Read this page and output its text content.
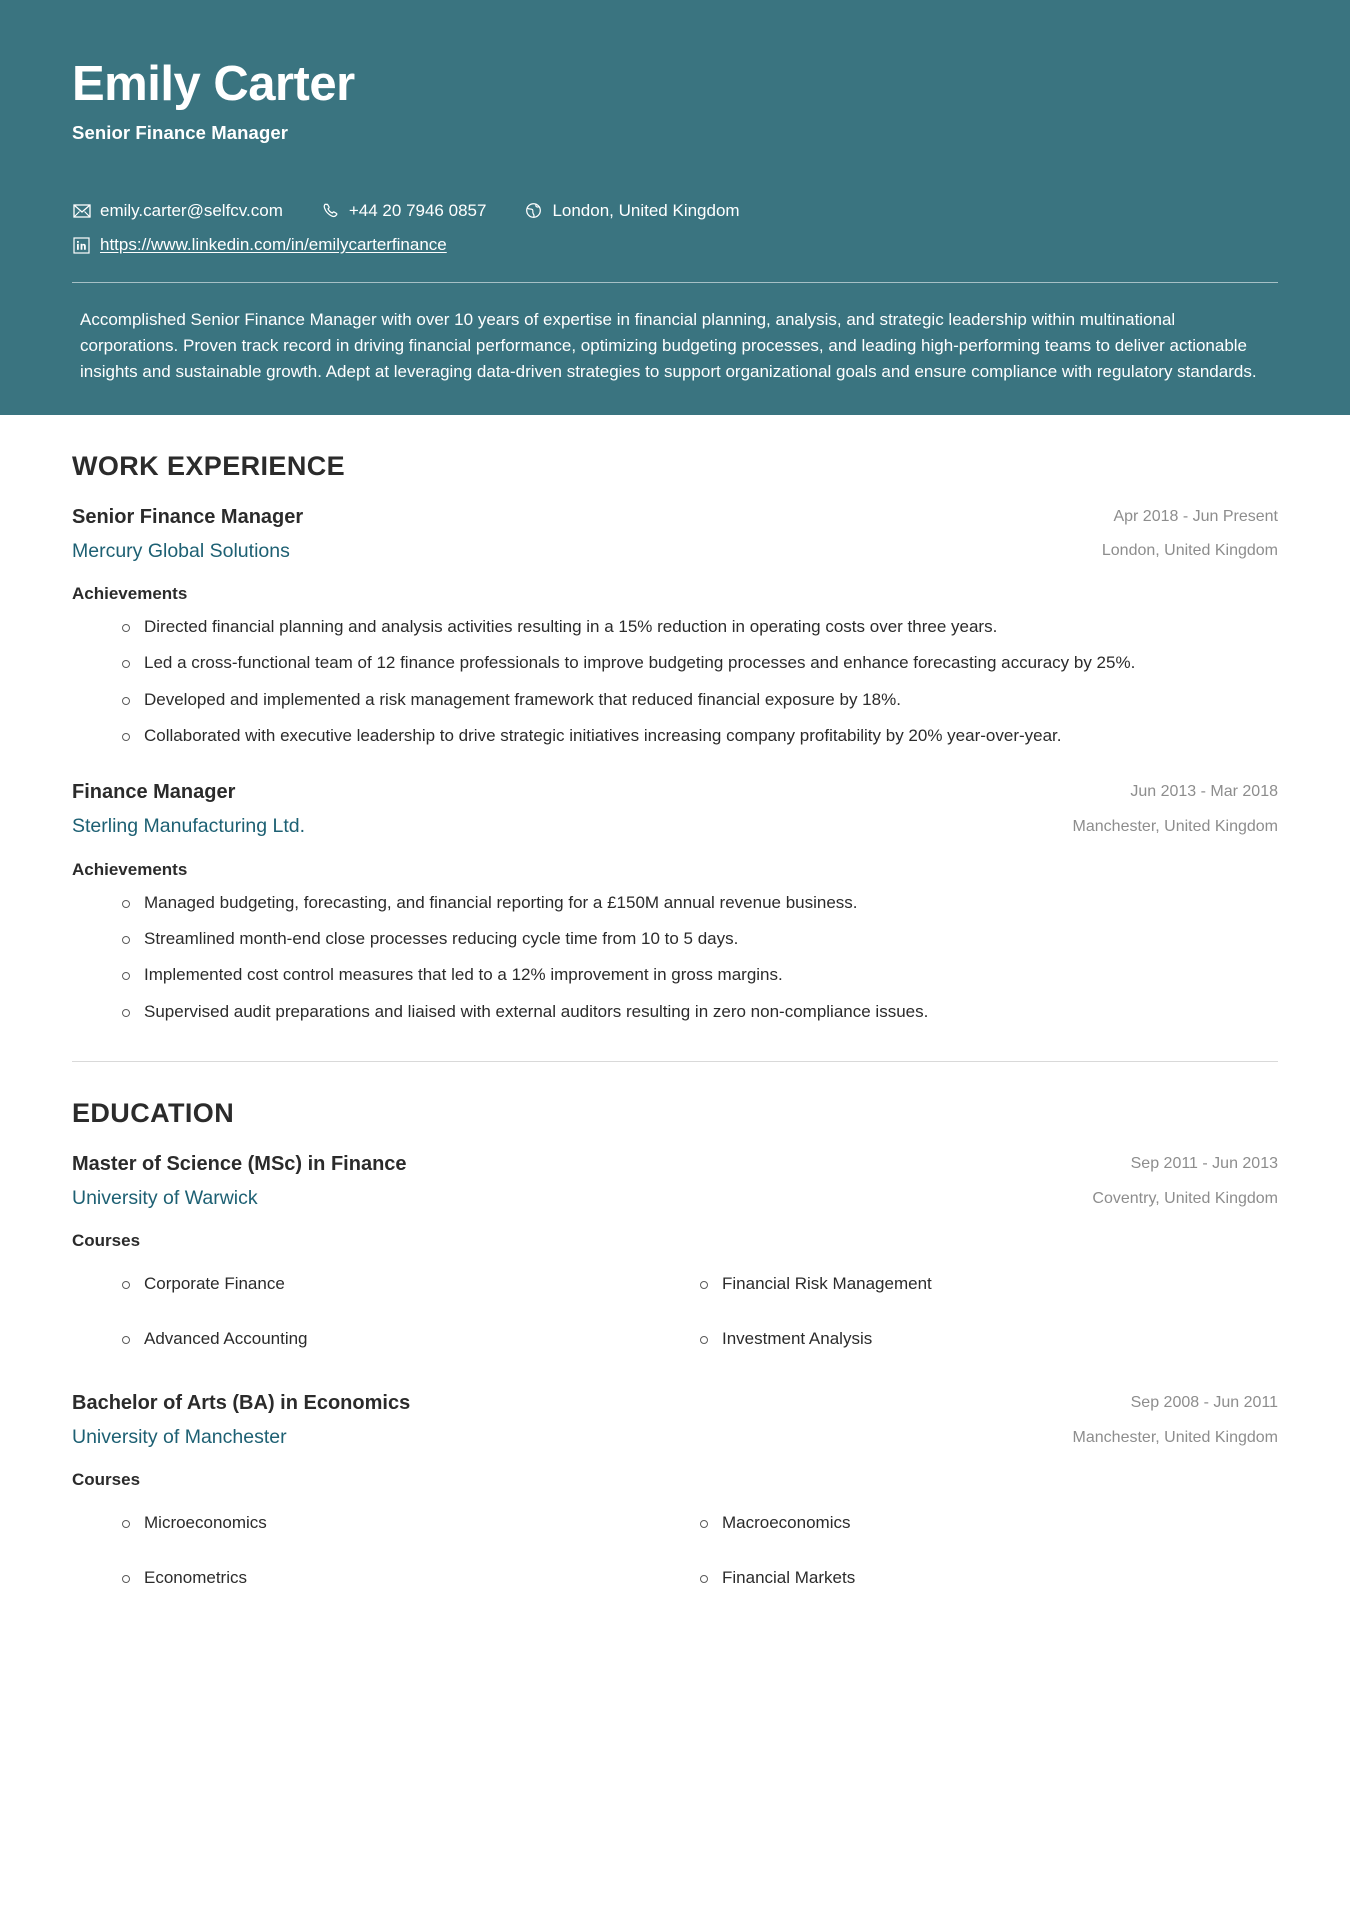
Emily Carter
Senior Finance Manager
emily.carter@selfcv.com	+44 20 7946 0857	London, United Kingdom
https://www.linkedin.com/in/emilycarterfinance
Accomplished Senior Finance Manager with over 10 years of expertise in financial planning, analysis, and strategic leadership within multinational corporations. Proven track record in driving financial performance, optimizing budgeting processes, and leading high-performing teams to deliver actionable insights and sustainable growth. Adept at leveraging data-driven strategies to support organizational goals and ensure compliance with regulatory standards.
WORK EXPERIENCE
Senior Finance Manager
Mercury Global Solutions
Apr 2018 - Jun Present
London, United Kingdom
Achievements
Directed financial planning and analysis activities resulting in a 15% reduction in operating costs over three years.
Led a cross-functional team of 12 finance professionals to improve budgeting processes and enhance forecasting accuracy by 25%.
Developed and implemented a risk management framework that reduced financial exposure by 18%.
Collaborated with executive leadership to drive strategic initiatives increasing company profitability by 20% year-over-year.
Finance Manager
Sterling Manufacturing Ltd.
Jun 2013 - Mar 2018
Manchester, United Kingdom
Achievements
Managed budgeting, forecasting, and financial reporting for a £150M annual revenue business.
Streamlined month-end close processes reducing cycle time from 10 to 5 days.
Implemented cost control measures that led to a 12% improvement in gross margins.
Supervised audit preparations and liaised with external auditors resulting in zero non-compliance issues.
EDUCATION
Master of Science (MSc) in Finance
University of Warwick
Sep 2011 - Jun 2013
Coventry, United Kingdom
Courses
Corporate Finance	Financial Risk Management
Advanced Accounting	Investment Analysis
Bachelor of Arts (BA) in Economics
University of Manchester
Sep 2008 - Jun 2011
Manchester, United Kingdom
Courses
Microeconomics	Macroeconomics
Econometrics	Financial Markets
